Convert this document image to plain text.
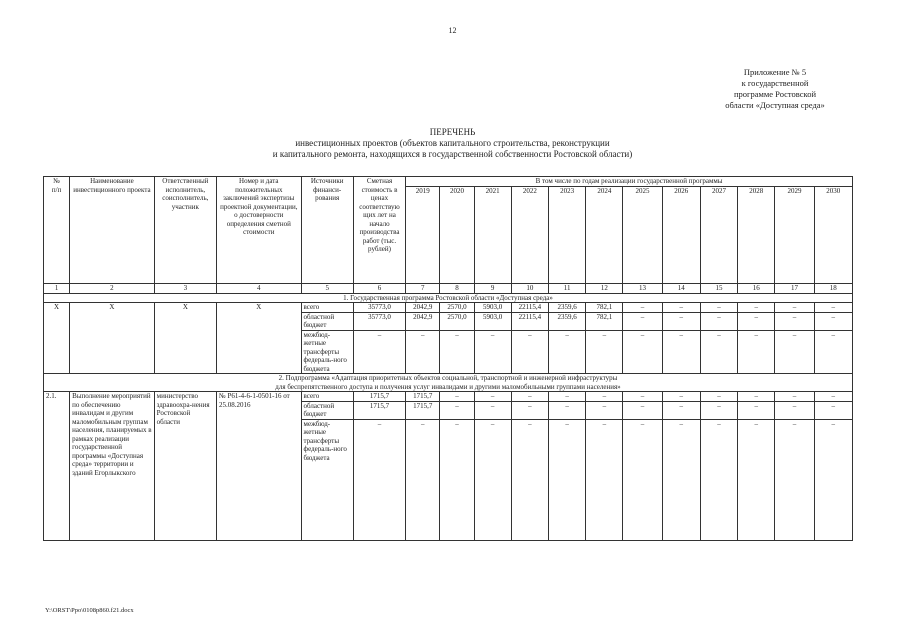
12
Приложение № 5
к государственной
программе Ростовской
области «Доступная среда»
ПЕРЕЧЕНЬ
инвестиционных проектов (объектов капитального строительства, реконструкции
и капитального ремонта, находящихся в государственной собственности Ростовской области)
№
п/п	Наименование инвестиционного проекта	Ответственный исполнитель, соисполнитель, участник	Номер и дата положительных заключений экспертизы проектной документации, о достоверности определения сметной стоимости	Источники финанси-рования	Сметная стоимость в ценах соответствую щих лет на начало производства работ (тыс. рублей)	В том числе по годам реализации государственной программы											
						2019	2020	2021	2022	2023	2024	2025	2026	2027	2028	2029	2030
1	2	3	4	5	6	7	8	9	10	11	12	13	14	15	16	17	18
1. Государственная программа Ростовской области «Доступная среда»																	
Х	Х	Х	Х	всего	35773,0	2042,9	2570,0	5903,0	22115,4	2359,6	782,1	–	–	–	–	–	–
				областной бюджет	35773,0	2042,9	2570,0	5903,0	22115,4	2359,6	782,1	–	–	–	–	–	–
				межбюд-жетные трансферты федераль-ного бюджета	–	–	–	–	–	–	–	–	–	–	–	–	–
2. Подпрограмма «Адаптация приоритетных объектов социальной, транспортной и инженерной инфраструктуры
для беспрепятственного доступа и получения услуг инвалидами и другими маломобильными группами населения»																	
2.1.	Выполнение мероприятий по обеспечению инвалидам и другим маломобильным группам населения, планируемых в рамках реализации государственной программы «Доступная среда» территории и зданий Егорлыкского	министерство здравоохра-нения Ростовской области	№ Р61-4-6-1-0501-16 от 25.08.2016	всего	1715,7	1715,7	–	–	–	–	–	–	–	–	–	–	–
				областной бюджет	1715,7	1715,7	–	–	–	–	–	–	–	–	–	–	–
				межбюд-жетные трансферты федераль-ного бюджета	–	–	–	–	–	–	–	–	–	–	–	–	–
Y:\ORST\Ppo\0108p860.f21.docx
